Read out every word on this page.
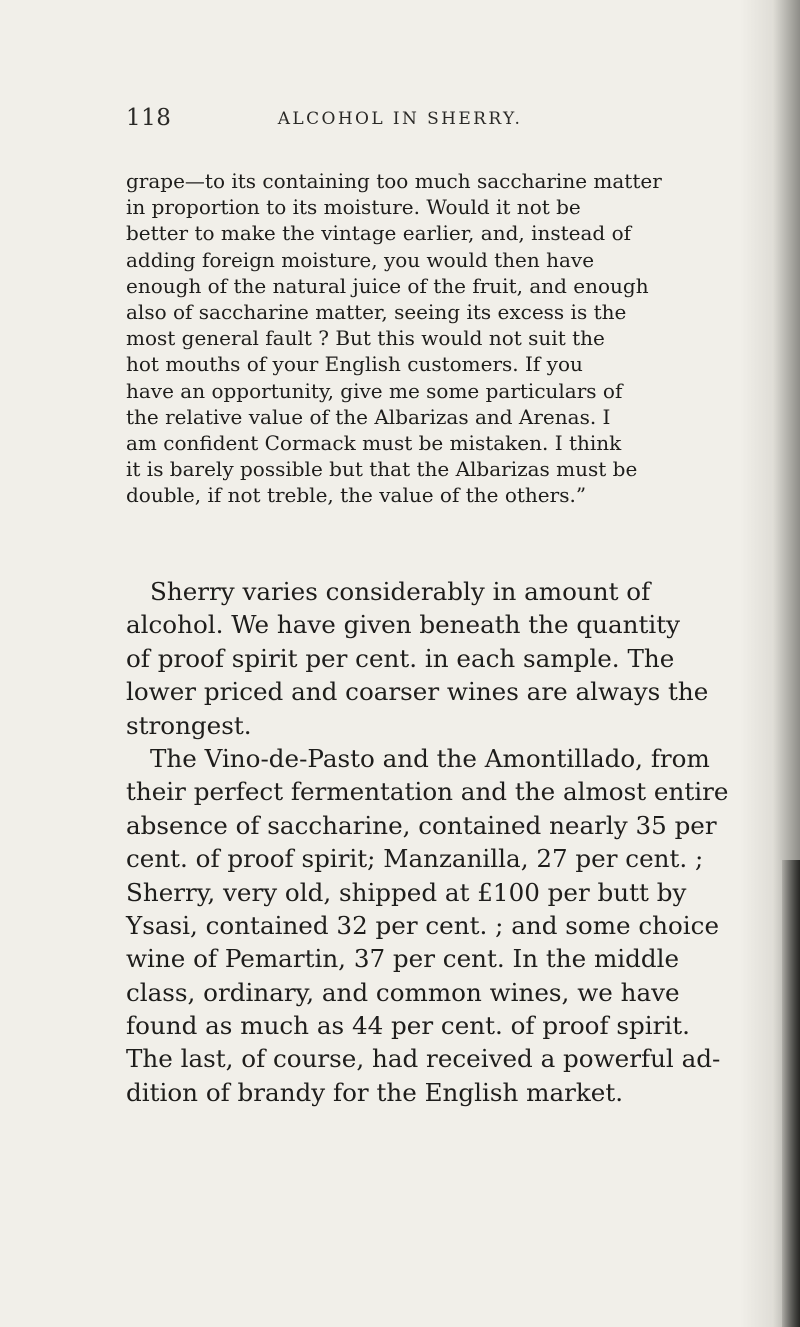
118	ALCOHOL IN SHERRY.
grape—to its containing too much saccharine matter
in proportion to its moisture. Would it not be
better to make the vintage earlier, and, instead of
adding foreign moisture, you would then have
enough of the natural juice of the fruit, and enough
also of saccharine matter, seeing its excess is the
most general fault ? But this would not suit the
hot mouths of your English customers. If you
have an opportunity, give me some particulars of
the relative value of the Albarizas and Arenas. I
am confident Cormack must be mistaken. I think
it is barely possible but that the Albarizas must be
double, if not treble, the value of the others.”
Sherry varies considerably in amount of
alcohol. We have given beneath the quantity
of proof spirit per cent. in each sample. The
lower priced and coarser wines are always the
strongest.
The Vino-de-Pasto and the Amontillado, from
their perfect fermentation and the almost entire
absence of saccharine, contained nearly 35 per
cent. of proof spirit; Manzanilla, 27 per cent. ;
Sherry, very old, shipped at £100 per butt by
Ysasi, contained 32 per cent. ; and some choice
wine of Pemartin, 37 per cent. In the middle
class, ordinary, and common wines, we have
found as much as 44 per cent. of proof spirit.
The last, of course, had received a powerful ad-
dition of brandy for the English market.
